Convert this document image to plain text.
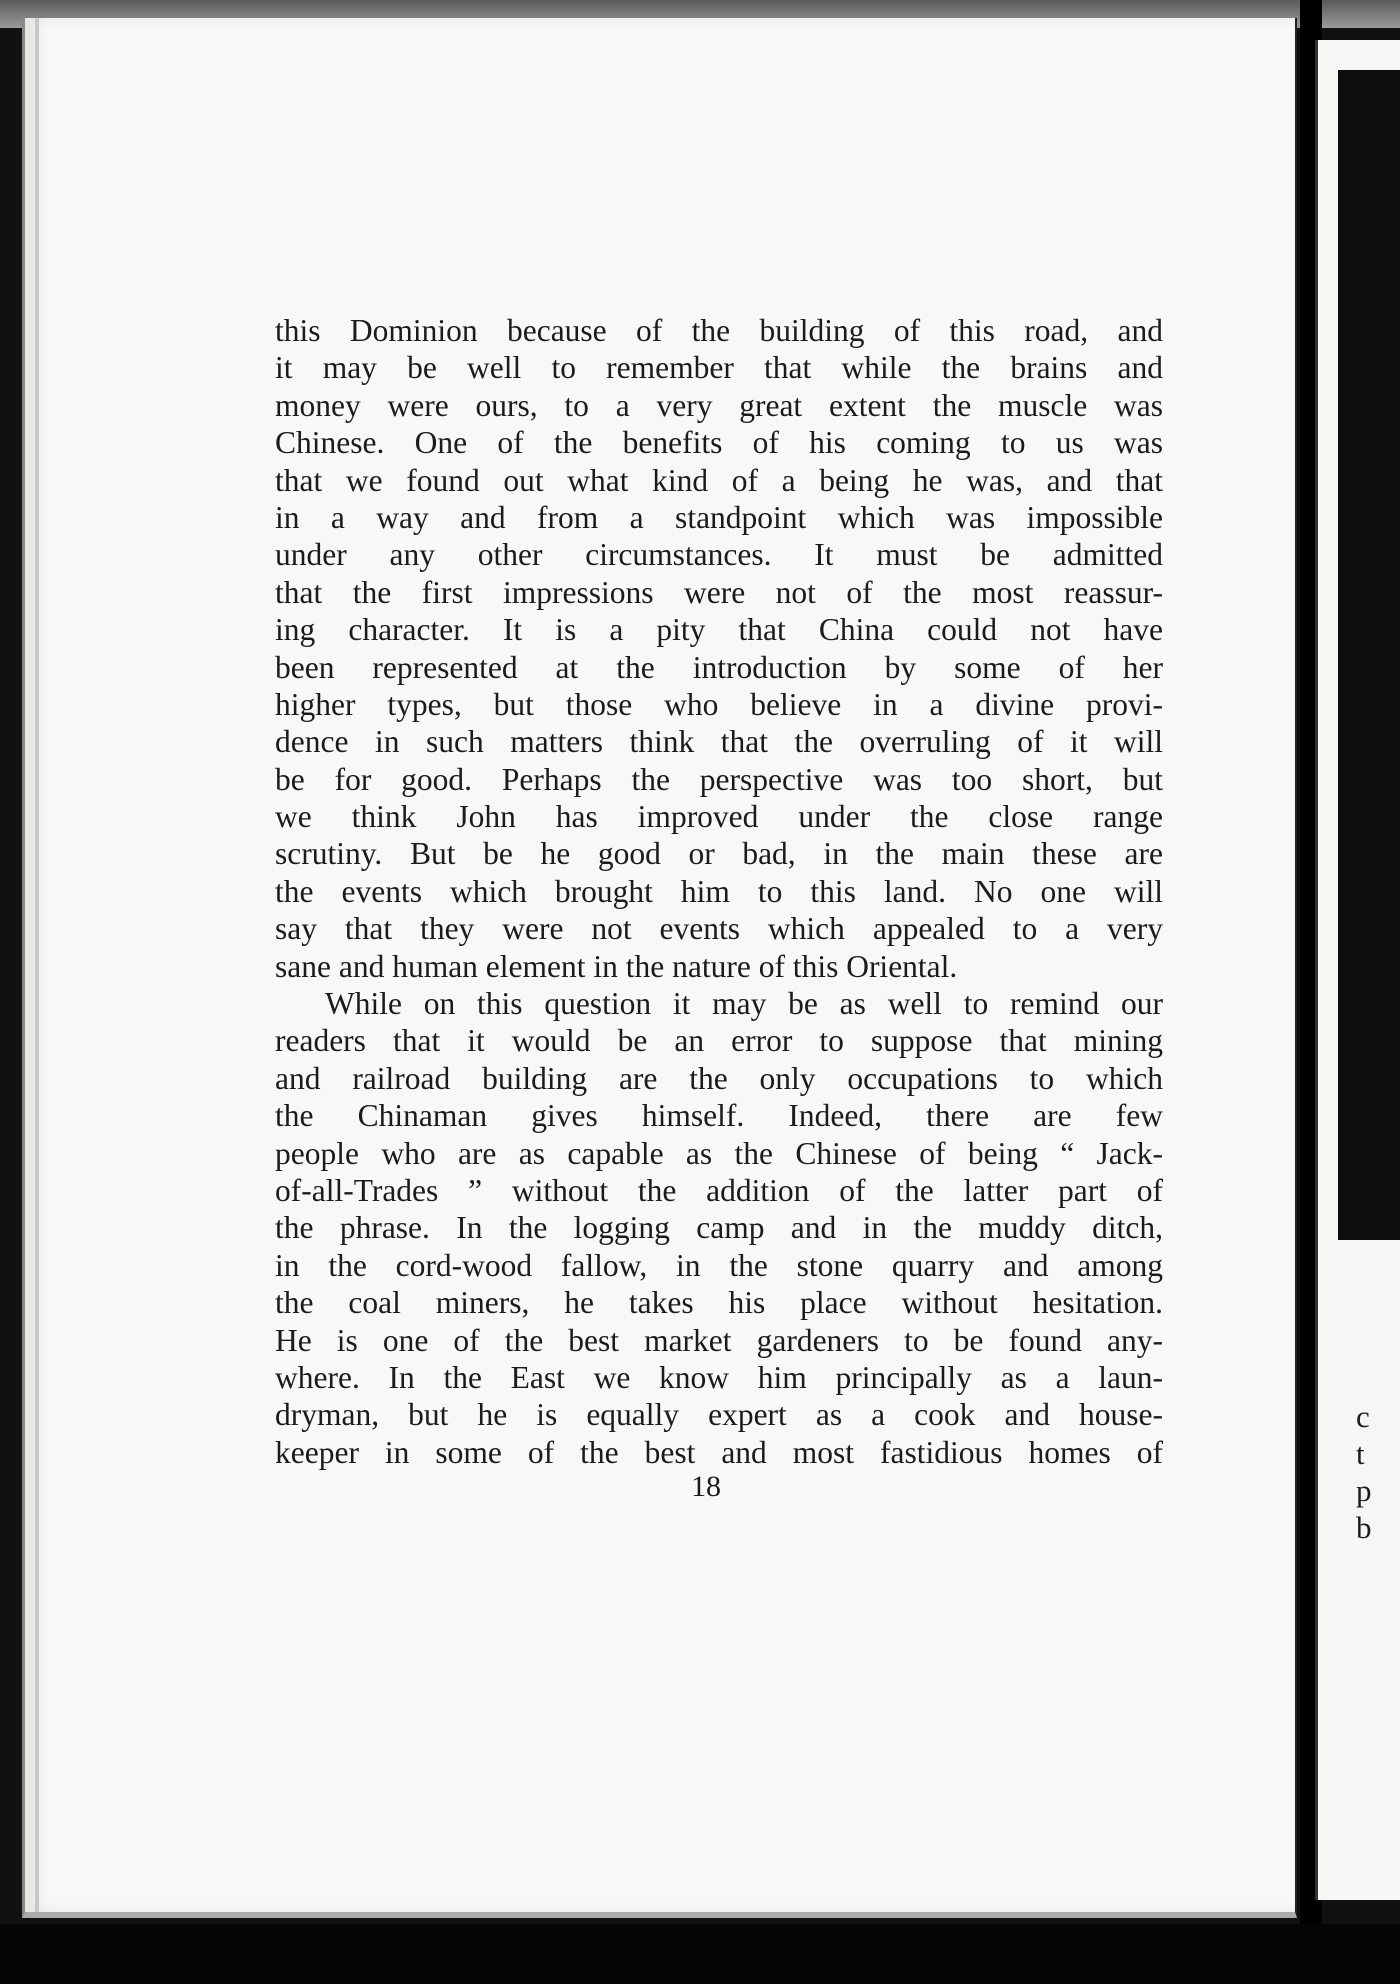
c
t
p
b
this Dominion because of the building of this road, and
it may be well to remember that while the brains and
money were ours, to a very great extent the muscle was
Chinese. One of the benefits of his coming to us was
that we found out what kind of a being he was, and that
in a way and from a standpoint which was impossible
under any other circumstances. It must be admitted
that the first impressions were not of the most reassur-
ing character. It is a pity that China could not have
been represented at the introduction by some of her
higher types, but those who believe in a divine provi-
dence in such matters think that the overruling of it will
be for good. Perhaps the perspective was too short, but
we think John has improved under the close range
scrutiny. But be he good or bad, in the main these are
the events which brought him to this land. No one will
say that they were not events which appealed to a very
sane and human element in the nature of this Oriental.
While on this question it may be as well to remind our
readers that it would be an error to suppose that mining
and railroad building are the only occupations to which
the Chinaman gives himself. Indeed, there are few
people who are as capable as the Chinese of being “ Jack-
of-all-Trades ” without the addition of the latter part of
the phrase. In the logging camp and in the muddy ditch,
in the cord-wood fallow, in the stone quarry and among
the coal miners, he takes his place without hesitation.
He is one of the best market gardeners to be found any-
where. In the East we know him principally as a laun-
dryman, but he is equally expert as a cook and house-
keeper in some of the best and most fastidious homes of
18
